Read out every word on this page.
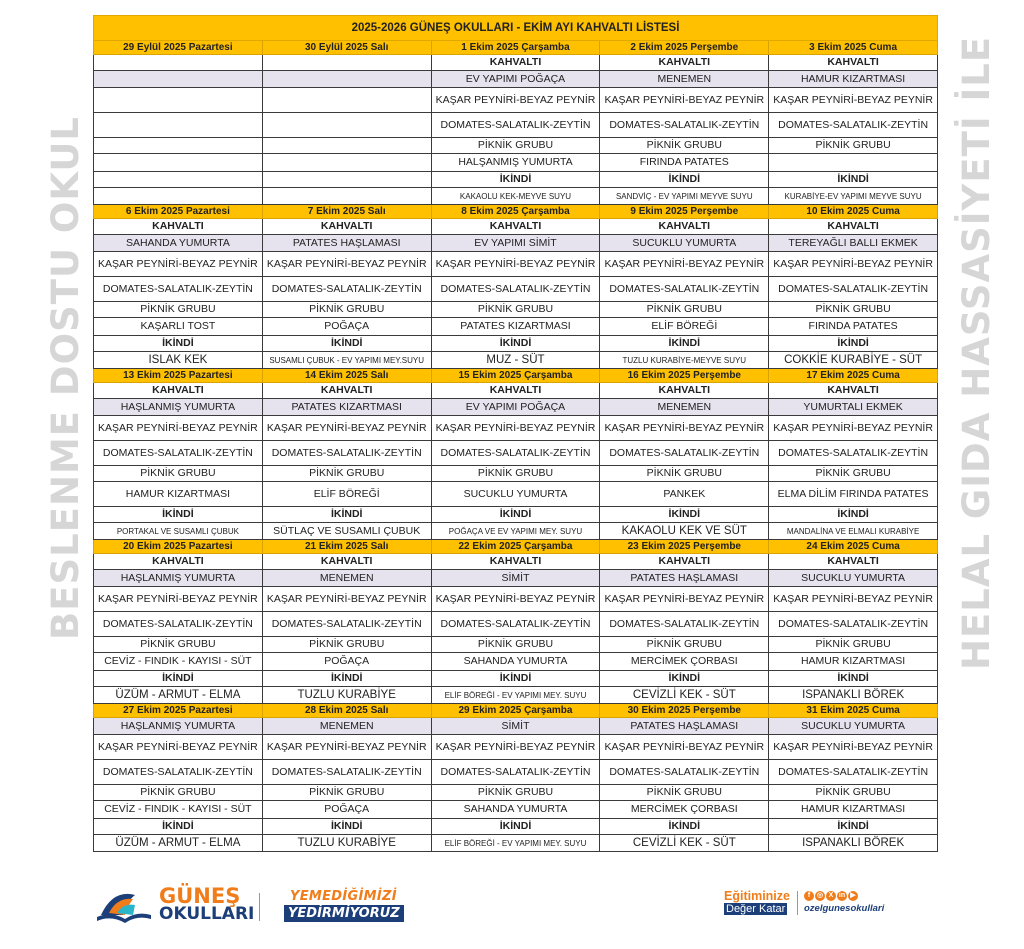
BESLENME DOSTU OKUL	HELAL GIDA HASSASİYETİ İLE
2025-2026 GÜNEŞ OKULLARI - EKİM AYI KAHVALTI LİSTESİ				
29 Eylül 2025 Pazartesi	30 Eylül 2025 Salı	1 Ekim 2025 Çarşamba	2 Ekim 2025 Perşembe	3 Ekim 2025 Cuma
		KAHVALTI	KAHVALTI	KAHVALTI
		EV YAPIMI POĞAÇA	MENEMEN	HAMUR KIZARTMASI
		KAŞAR PEYNİRİ-BEYAZ PEYNİR	KAŞAR PEYNİRİ-BEYAZ PEYNİR	KAŞAR PEYNİRİ-BEYAZ PEYNİR
		DOMATES-SALATALIK-ZEYTİN	DOMATES-SALATALIK-ZEYTİN	DOMATES-SALATALIK-ZEYTİN
		PİKNİK GRUBU	PİKNİK GRUBU	PİKNİK GRUBU
		HALŞANMIŞ YUMURTA	FIRINDA PATATES	
		İKİNDİ	İKİNDİ	İKİNDİ
		KAKAOLU KEK-MEYVE SUYU	SANDVİÇ - EV YAPIMI MEYVE SUYU	KURABİYE-EV YAPIMI MEYVE SUYU
6 Ekim 2025 Pazartesi	7 Ekim 2025 Salı	8 Ekim 2025 Çarşamba	9 Ekim 2025 Perşembe	10 Ekim 2025 Cuma
KAHVALTI	KAHVALTI	KAHVALTI	KAHVALTI	KAHVALTI
SAHANDA YUMURTA	PATATES HAŞLAMASI	EV YAPIMI SİMİT	SUCUKLU YUMURTA	TEREYAĞLI BALLI EKMEK
KAŞAR PEYNİRİ-BEYAZ PEYNİR	KAŞAR PEYNİRİ-BEYAZ PEYNİR	KAŞAR PEYNİRİ-BEYAZ PEYNİR	KAŞAR PEYNİRİ-BEYAZ PEYNİR	KAŞAR PEYNİRİ-BEYAZ PEYNİR
DOMATES-SALATALIK-ZEYTİN	DOMATES-SALATALIK-ZEYTİN	DOMATES-SALATALIK-ZEYTİN	DOMATES-SALATALIK-ZEYTİN	DOMATES-SALATALIK-ZEYTİN
PİKNİK GRUBU	PİKNİK GRUBU	PİKNİK GRUBU	PİKNİK GRUBU	PİKNİK GRUBU
KAŞARLI TOST	POĞAÇA	PATATES KIZARTMASI	ELİF BÖREĞİ	FIRINDA PATATES
İKİNDİ	İKİNDİ	İKİNDİ	İKİNDİ	İKİNDİ
ISLAK KEK	SUSAMLI ÇUBUK - EV YAPIMI MEY.SUYU	MUZ - SÜT	TUZLU KURABİYE-MEYVE SUYU	COKKİE KURABİYE - SÜT
13 Ekim 2025 Pazartesi	14 Ekim 2025 Salı	15 Ekim 2025 Çarşamba	16 Ekim 2025 Perşembe	17 Ekim 2025 Cuma
KAHVALTI	KAHVALTI	KAHVALTI	KAHVALTI	KAHVALTI
HAŞLANMIŞ YUMURTA	PATATES KIZARTMASI	EV YAPIMI POĞAÇA	MENEMEN	YUMURTALI EKMEK
KAŞAR PEYNİRİ-BEYAZ PEYNİR	KAŞAR PEYNİRİ-BEYAZ PEYNİR	KAŞAR PEYNİRİ-BEYAZ PEYNİR	KAŞAR PEYNİRİ-BEYAZ PEYNİR	KAŞAR PEYNİRİ-BEYAZ PEYNİR
DOMATES-SALATALIK-ZEYTİN	DOMATES-SALATALIK-ZEYTİN	DOMATES-SALATALIK-ZEYTİN	DOMATES-SALATALIK-ZEYTİN	DOMATES-SALATALIK-ZEYTİN
PİKNİK GRUBU	PİKNİK GRUBU	PİKNİK GRUBU	PİKNİK GRUBU	PİKNİK GRUBU
HAMUR KIZARTMASI	ELİF BÖREĞİ	SUCUKLU YUMURTA	PANKEK	ELMA DİLİM FIRINDA PATATES
İKİNDİ	İKİNDİ	İKİNDİ	İKİNDİ	İKİNDİ
PORTAKAL VE SUSAMLI ÇUBUK	SÜTLAÇ VE SUSAMLI ÇUBUK	POĞAÇA VE EV YAPIMI MEY. SUYU	KAKAOLU KEK VE SÜT	MANDALİNA VE ELMALI KURABİYE
20 Ekim 2025 Pazartesi	21 Ekim 2025 Salı	22 Ekim 2025 Çarşamba	23 Ekim 2025 Perşembe	24 Ekim 2025 Cuma
KAHVALTI	KAHVALTI	KAHVALTI	KAHVALTI	KAHVALTI
HAŞLANMIŞ YUMURTA	MENEMEN	SİMİT	PATATES HAŞLAMASI	SUCUKLU YUMURTA
KAŞAR PEYNİRİ-BEYAZ PEYNİR	KAŞAR PEYNİRİ-BEYAZ PEYNİR	KAŞAR PEYNİRİ-BEYAZ PEYNİR	KAŞAR PEYNİRİ-BEYAZ PEYNİR	KAŞAR PEYNİRİ-BEYAZ PEYNİR
DOMATES-SALATALIK-ZEYTİN	DOMATES-SALATALIK-ZEYTİN	DOMATES-SALATALIK-ZEYTİN	DOMATES-SALATALIK-ZEYTİN	DOMATES-SALATALIK-ZEYTİN
PİKNİK GRUBU	PİKNİK GRUBU	PİKNİK GRUBU	PİKNİK GRUBU	PİKNİK GRUBU
CEVİZ - FINDIK - KAYISI - SÜT	POĞAÇA	SAHANDA YUMURTA	MERCİMEK ÇORBASI	HAMUR KIZARTMASI
İKİNDİ	İKİNDİ	İKİNDİ	İKİNDİ	İKİNDİ
ÜZÜM - ARMUT - ELMA	TUZLU KURABİYE	ELİF BÖREĞİ - EV YAPIMI MEY. SUYU	CEVİZLİ KEK - SÜT	ISPANAKLI BÖREK
27 Ekim 2025 Pazartesi	28 Ekim 2025 Salı	29 Ekim 2025 Çarşamba	30 Ekim 2025 Perşembe	31 Ekim 2025 Cuma
HAŞLANMIŞ YUMURTA	MENEMEN	SİMİT	PATATES HAŞLAMASI	SUCUKLU YUMURTA
KAŞAR PEYNİRİ-BEYAZ PEYNİR	KAŞAR PEYNİRİ-BEYAZ PEYNİR	KAŞAR PEYNİRİ-BEYAZ PEYNİR	KAŞAR PEYNİRİ-BEYAZ PEYNİR	KAŞAR PEYNİRİ-BEYAZ PEYNİR
DOMATES-SALATALIK-ZEYTİN	DOMATES-SALATALIK-ZEYTİN	DOMATES-SALATALIK-ZEYTİN	DOMATES-SALATALIK-ZEYTİN	DOMATES-SALATALIK-ZEYTİN
PİKNİK GRUBU	PİKNİK GRUBU	PİKNİK GRUBU	PİKNİK GRUBU	PİKNİK GRUBU
CEVİZ - FINDIK - KAYISI - SÜT	POĞAÇA	SAHANDA YUMURTA	MERCİMEK ÇORBASI	HAMUR KIZARTMASI
İKİNDİ	İKİNDİ	İKİNDİ	İKİNDİ	İKİNDİ
ÜZÜM - ARMUT - ELMA	TUZLU KURABİYE	ELİF BÖREĞİ - EV YAPIMI MEY. SUYU	CEVİZLİ KEK - SÜT	ISPANAKLI BÖREK
GÜNEŞ
OKULLARI
YEMEDİĞİMİZİ
YEDİRMİYORUZ
Eğitiminize
Değer Katar
f ◎ X in ▶
ozelgunesokullari
